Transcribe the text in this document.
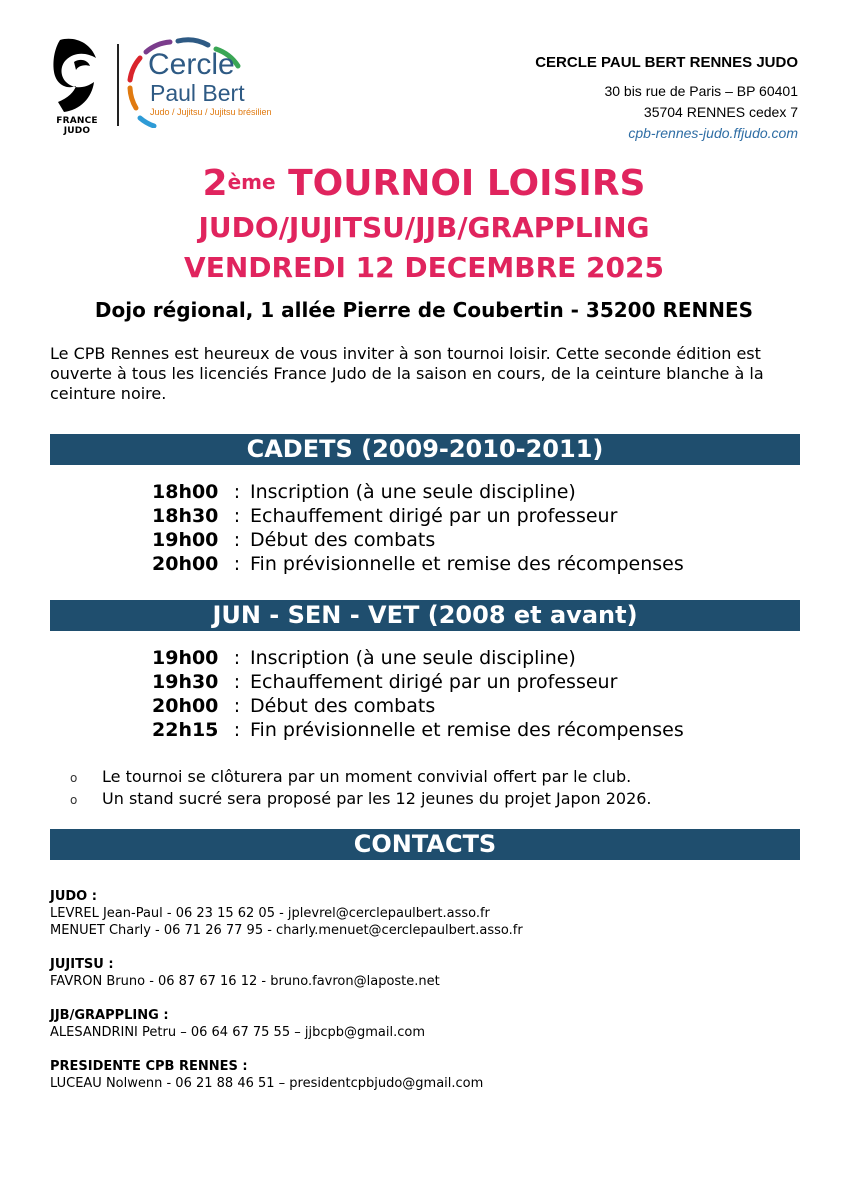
FRANCE
JUDO
Cercle
Paul Bert
Judo / Jujitsu / Jujitsu brésilien
CERCLE PAUL BERT RENNES JUDO
30 bis rue de Paris – BP 60401
35704 RENNES cedex 7
cpb-rennes-judo.ffjudo.com
2ème TOURNOI LOISIRS
JUDO/JUJITSU/JJB/GRAPPLING
VENDREDI 12 DECEMBRE 2025
Dojo régional, 1 allée Pierre de Coubertin - 35200 RENNES
Le CPB Rennes est heureux de vous inviter à son tournoi loisir. Cette seconde édition est ouverte à tous les licenciés France Judo de la saison en cours, de la ceinture blanche à la ceinture noire.
CADETS (2009-2010-2011)
18h00 : Inscription (à une seule discipline)
18h30 : Echauffement dirigé par un professeur
19h00 : Début des combats
20h00 : Fin prévisionnelle et remise des récompenses
JUN - SEN - VET (2008 et avant)
19h00 : Inscription (à une seule discipline)
19h30 : Echauffement dirigé par un professeur
20h00 : Début des combats
22h15 : Fin prévisionnelle et remise des récompenses
o Le tournoi se clôturera par un moment convivial offert par le club.
o Un stand sucré sera proposé par les 12 jeunes du projet Japon 2026.
CONTACTS
JUDO :
LEVREL Jean-Paul - 06 23 15 62 05 - jplevrel@cerclepaulbert.asso.fr
MENUET Charly - 06 71 26 77 95 - charly.menuet@cerclepaulbert.asso.fr
JUJITSU :
FAVRON Bruno - 06 87 67 16 12 - bruno.favron@laposte.net
JJB/GRAPPLING :
ALESANDRINI Petru – 06 64 67 75 55 – jjbcpb@gmail.com
PRESIDENTE CPB RENNES :
LUCEAU Nolwenn - 06 21 88 46 51 – presidentcpbjudo@gmail.com
